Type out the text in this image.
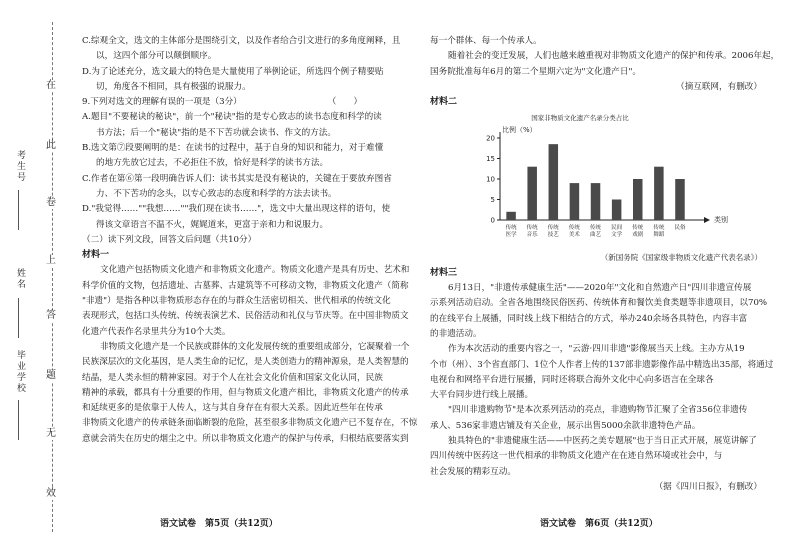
在
此
卷
上
答
题
无
效
考生号
姓名
毕业学校

C.综观全文，选文的主体部分是围绕引文，以及作者给合引文进行的多角度阐释，且

以，这四个部分可以颠倒顺序。

D.为了论述充分，选文最大的特色是大量使用了举例论证，所选四个例子精要贴

切，角度各不相同，具有极强的说服力。

9.下列对选文的理解有误的一项是（3分）　　　　　　　　　　　（　　）

A.题目"不要秘诀的秘诀"，前一个"秘诀"指的是专心致志的读书态度和科学的读

书方法；后一个"秘诀"指的是不下苦功就会读书、作文的方法。

B.选文第⑦段要阐明的是：在读书的过程中，基于自身的知识和能力，对于难懂

的地方先放它过去，不必拒住不放，恰好是科学的读书方法。

C.作者在第⑥第一段明确告诉人们：读书其实是没有秘诀的，关键在于要放弃图省

力、不下苦功的念头，以专心致志的态度和科学的方法去读书。

D."我觉得……""我想……""我们现在读书……"，选文中大量出现这样的语句，使

得该文章语言不温不火，娓娓道来，更富于亲和力和说服力。

（二）读下列文段，回答文后问题（共10分）

材料一

文化遗产包括物质文化遗产和非物质文化遗产。物质文化遗产是具有历史、艺术和

科学价值的文物，包括遗址、古墓葬、古建筑等不可移动文物，非物质文化遗产（简称

"非遗"）是指各种以非物质形态存在的与群众生活密切相关、世代相承的传统文化

表现形式，包括口头传统、传统表演艺术、民俗活动和礼仪与节庆等。在中国非物质文

化遗产代表作名录里共分为10个大类。

非物质文化遗产是一个民族或群体的文化发展传统的重要组成部分，它凝聚着一个

民族深层次的文化基因，是人类生命的记忆，是人类创造力的精神源泉，是人类智慧的

结晶，是人类永恒的精神家园。对于个人在社会文化价值和国家文化认同，民族

精神的承载，都具有十分重要的作用，但与物质文化遗产相比，非物质文化遗产的传承

和延续更多的是依靠于人传人，这与其自身存在有很大关系。因此近些年在传承

非物质文化遗产的传承链条面临断裂的危险，甚至很多非物质文化遗产已不复存在，不惊

意就会消失在历史的烟尘之中。所以非物质文化遗产的保护与传承，归根结底要落实到

语文试卷　第5页（共12页）

每一个群体、每一个传承人。

随着社会的变迁发展，人们也越来越重视对非物质文化遗产的保护和传承。2006年起，

国务院批准每年6月的第二个星期六定为"文化遗产日"。

（摘互联网，有删改）

材料二

国家非物质文化遗产名录分类占比
比例（%）
类别
0
5
10
15
20
传统医学
传统音乐
传统技艺
传统美术
传统曲艺
民间文学
传统戏剧
传统舞蹈
民俗

（新国务院《国家级非物质文化遗产代表名录》）

材料三

6月13日，"非遗传承健康生活"——2020年"文化和自然遗产日"四川非遗宣传展

示系列活动启动。全省各地围绕民俗医药、传统体育和餐饮美食类题等非遗项目，以70%

的在线平台上展播，同时线上线下相结合的方式，举办240余场各具特色，内容丰富

的非遗活动。

作为本次活动的重要内容之一，"云游·四川非遗"影像展当天上线。主办方从19

个市（州）、3个省直部门、1位个人作者上传的137部非遗影像作品中精选出35部，将通过

电视台和网络平台进行展播，同时还将联合海外文化中心向多语言在全球各

大平台同步进行线上展播。

"四川非遗购物节"是本次系列活动的亮点，非遗购物节汇聚了全省356位非遗传

承人、536家非遗店铺及有关企业，展示出售5000余款非遗特色产品。

独具特色的"非遗健康生活——中医药之美专题展"也于当日正式开展，展览讲解了

四川传统中医药这一世代相承的非物质文化遗产在在迹自然环境或社会中，与

社会发展的精彩互动。

（据《四川日报》，有删改）

语文试卷　第6页（共12页）
